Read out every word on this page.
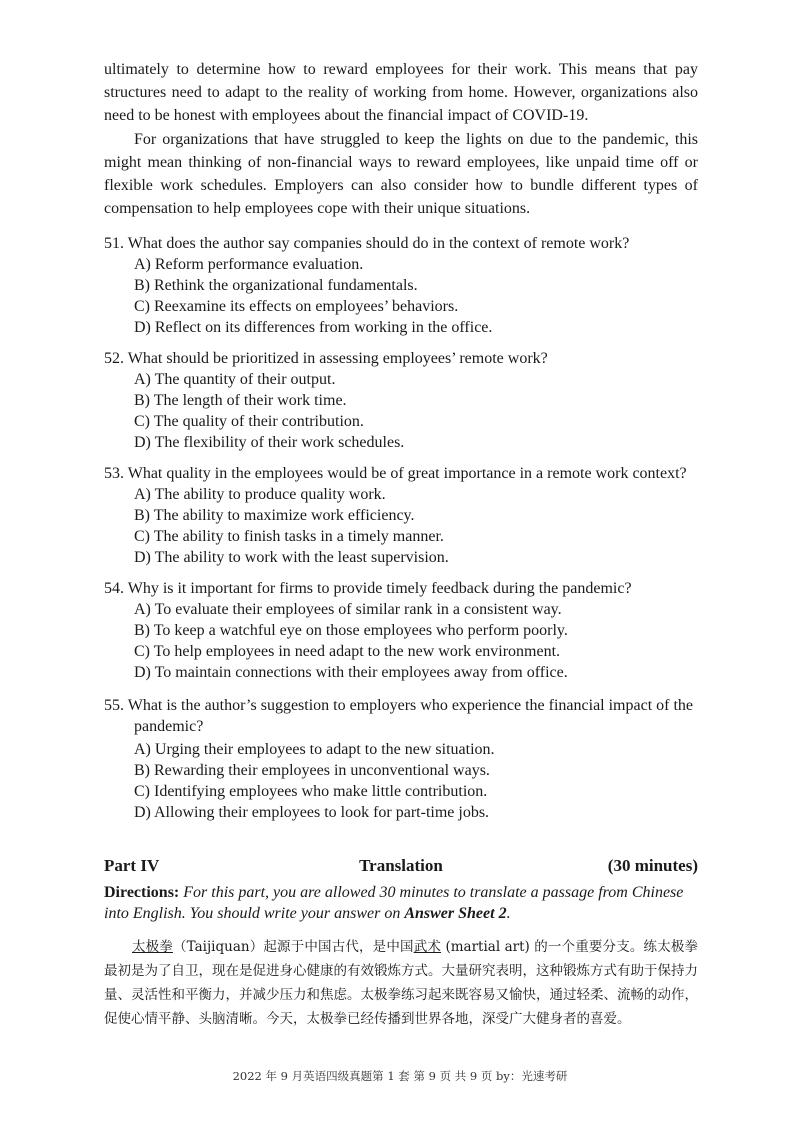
ultimately to determine how to reward employees for their work. This means that pay structures need to adapt to the reality of working from home. However, organizations also need to be honest with employees about the financial impact of COVID-19.

For organizations that have struggled to keep the lights on due to the pandemic, this might mean thinking of non-financial ways to reward employees, like unpaid time off or flexible work schedules. Employers can also consider how to bundle different types of compensation to help employees cope with their unique situations.

51. What does the author say companies should do in the context of remote work?

A) Reform performance evaluation.

B) Rethink the organizational fundamentals.

C) Reexamine its effects on employees’ behaviors.

D) Reflect on its differences from working in the office.

52. What should be prioritized in assessing employees’ remote work?

A) The quantity of their output.

B) The length of their work time.

C) The quality of their contribution.

D) The flexibility of their work schedules.

53. What quality in the employees would be of great importance in a remote work context?

A) The ability to produce quality work.

B) The ability to maximize work efficiency.

C) The ability to finish tasks in a timely manner.

D) The ability to work with the least supervision.

54. Why is it important for firms to provide timely feedback during the pandemic?

A) To evaluate their employees of similar rank in a consistent way.

B) To keep a watchful eye on those employees who perform poorly.

C) To help employees in need adapt to the new work environment.

D) To maintain connections with their employees away from office.

55. What is the author’s suggestion to employers who experience the financial impact of the pandemic?

A) Urging their employees to adapt to the new situation.

B) Rewarding their employees in unconventional ways.

C) Identifying employees who make little contribution.

D) Allowing their employees to look for part-time jobs.

Part IV	Translation	(30 minutes)

Directions: For this part, you are allowed 30 minutes to translate a passage from Chinese into English. You should write your answer on Answer Sheet 2.

太极拳（Taijiquan）起源于中国古代，是中国武术 (martial art) 的一个重要分支。练太极拳最初是为了自卫，现在是促进身心健康的有效锻炼方式。大量研究表明，这种锻炼方式有助于保持力量、灵活性和平衡力，并减少压力和焦虑。太极拳练习起来既容易又愉快，通过轻柔、流畅的动作，促使心情平静、头脑清晰。今天，太极拳已经传播到世界各地，深受广大健身者的喜爱。

2022 年 9 月英语四级真题第 1 套 第 9 页 共 9 页 by：光速考研
